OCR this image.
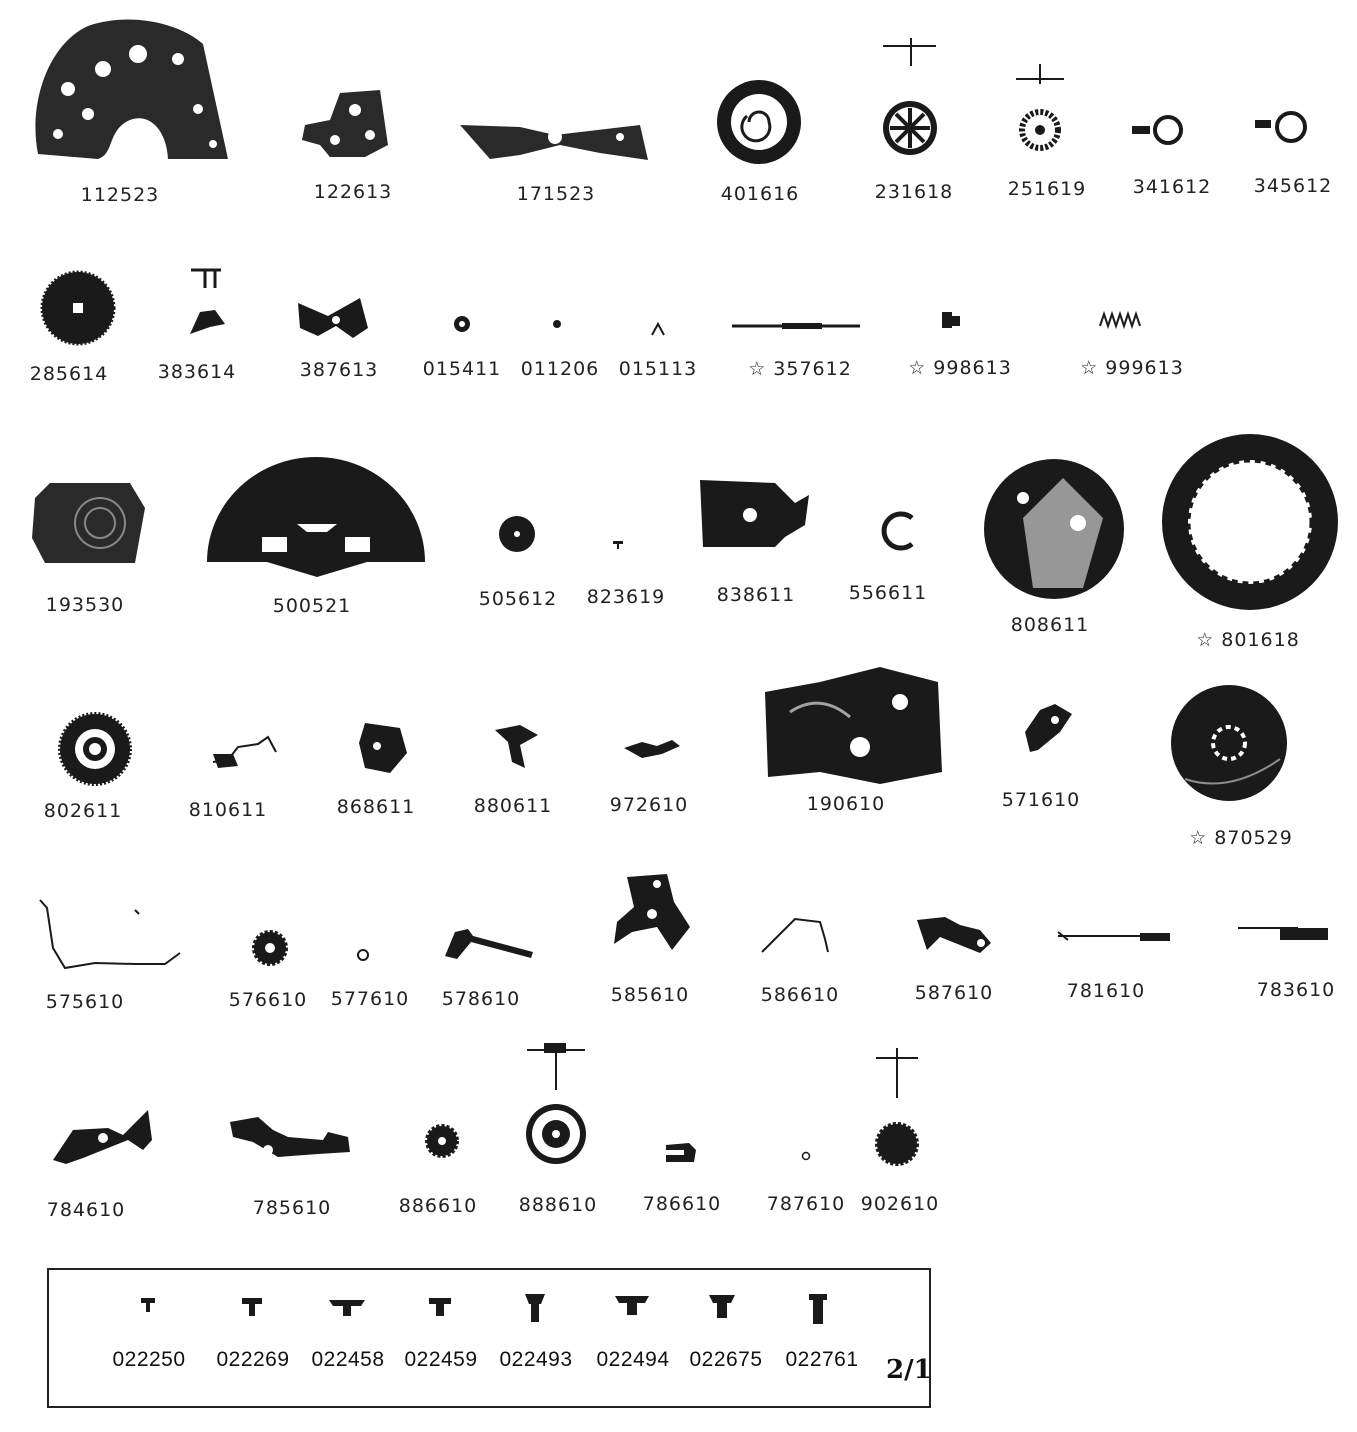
112523	122613	171523	401616	231618	251619 341612 345612
285614	383614	387613 015411 011206 015113	☆ 357612	☆ 998613	☆ 999613
193530	500521	505612 823619	838611	556611
808611
☆ 801618
802611	810611	868611	880611	972610	190610	571610
☆ 870529
575610	576610 577610 578610	585610	586610	587610	781610	783610
784610	785610	886610 888610 786610 787610 902610
022250 022269 022458 022459 022493 022494 022675 022761 2/1
